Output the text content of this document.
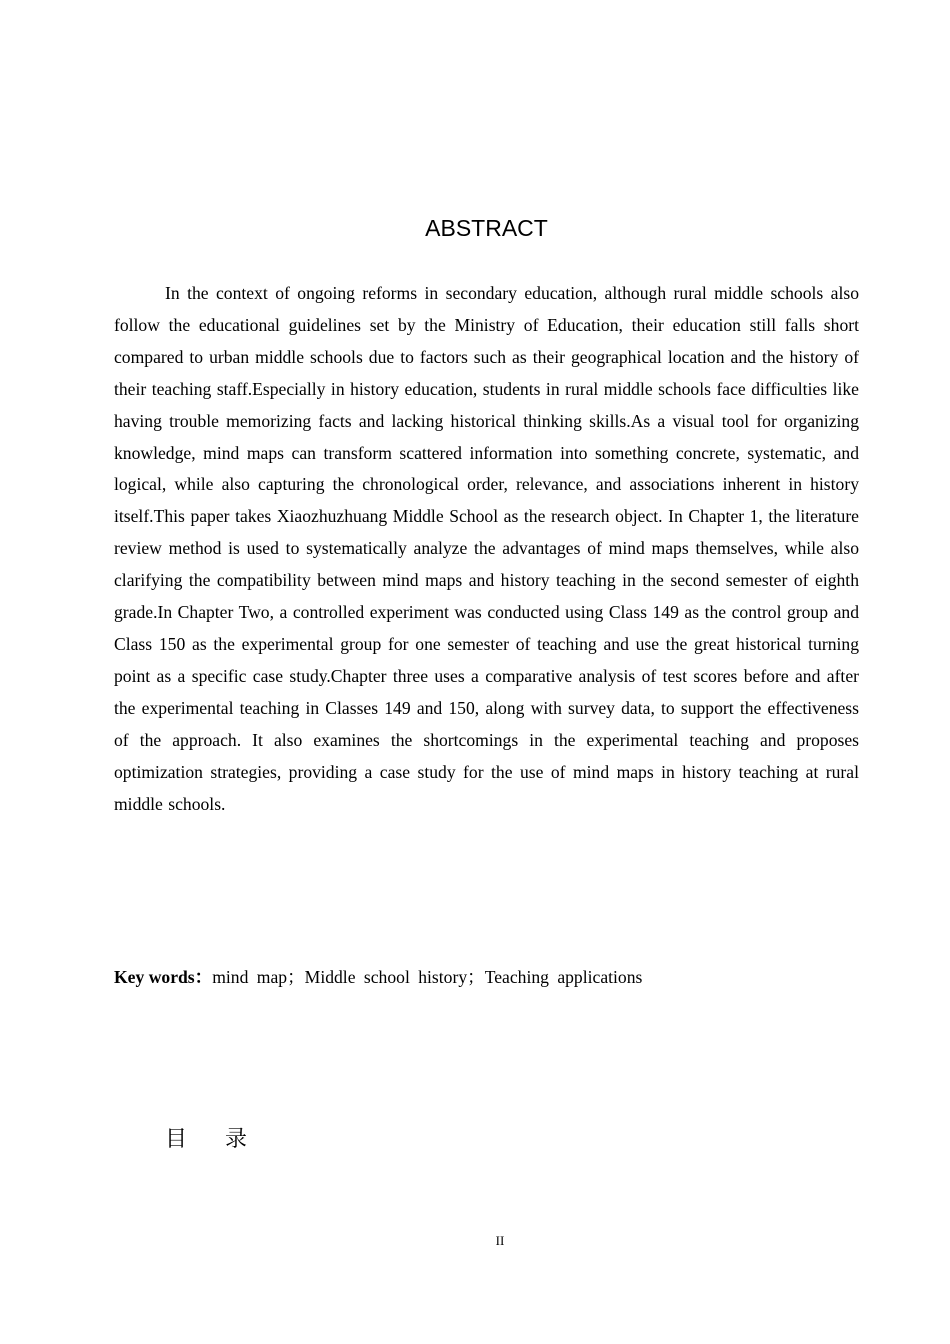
ABSTRACT

In the context of ongoing reforms in secondary education, although rural middle schools also follow the educational guidelines set by the Ministry of Education, their education still falls short compared to urban middle schools due to factors such as their geographical location and the history of their teaching staff.Especially in history education, students in rural middle schools face difficulties like having trouble memorizing facts and lacking historical thinking skills.As a visual tool for organizing knowledge, mind maps can transform scattered information into something concrete, systematic, and logical, while also capturing the chronological order, relevance, and associations inherent in history itself.This paper takes Xiaozhuzhuang Middle School as the research object. In Chapter 1, the literature review method is used to systematically analyze the advantages of mind maps themselves, while also clarifying the compatibility between mind maps and history teaching in the second semester of eighth grade.In Chapter Two, a controlled experiment was conducted using Class 149 as the control group and Class 150 as the experimental group for one semester of teaching and use the great historical turning point as a specific case study.Chapter three uses a comparative analysis of test scores before and after the experimental teaching in Classes 149 and 150, along with survey data, to support the effectiveness of the approach. It also examines the shortcomings in the experimental teaching and proposes optimization strategies, providing a case study for the use of mind maps in history teaching at rural middle schools.

Key words：mind map；Middle school history；Teaching applications
目录
II
